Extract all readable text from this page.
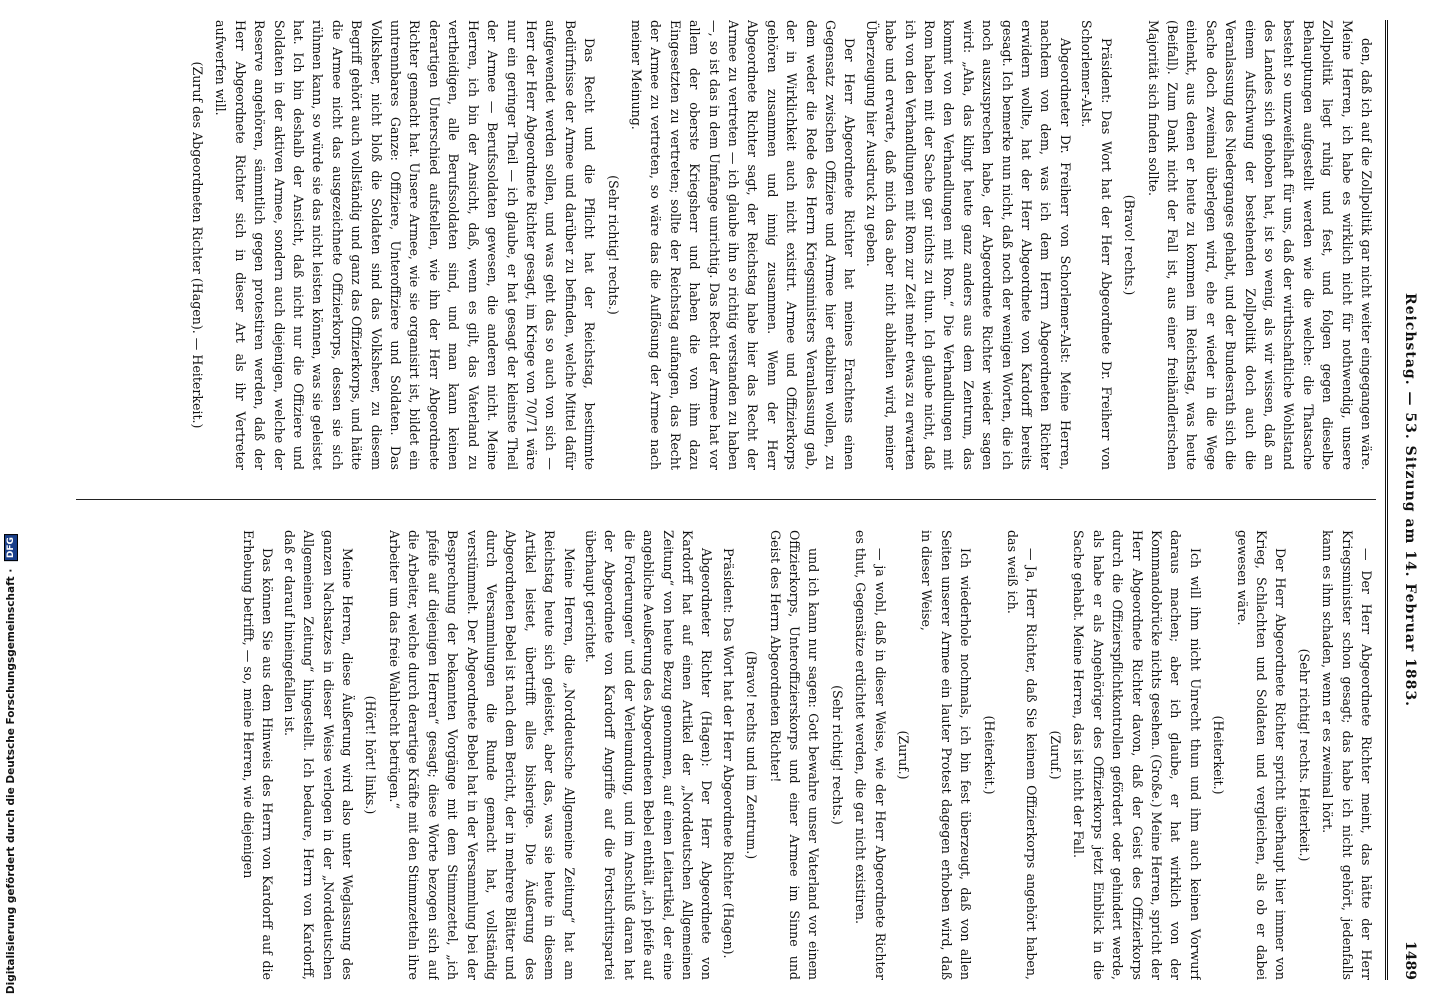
Reichstag. — 53. Sitzung am 14. Februar 1883.
1489

den, daß ich auf die Zollpolitik gar nicht weiter eingegangen wäre. Meine Herren, ich habe es wirklich nicht für nothwendig, unsere Zollpolitik liegt ruhig und fest, und folgen gegen dieselbe Behauptungen aufgestellt werden wie die welche: die Thatsache besteht so unzweifelhaft für uns, daß der wirthschaftliche Wohlstand des Landes sich gehoben hat, ist so wenig, als wir wissen, daß an einem Aufschwung der bestehenden Zollpolitik doch auch die Veranlassung des Niederganges gehabt, und der Bundesrath sich die Sache doch zweimal überlegen wird, ehe er wieder in die Wege einlenkt, aus denen er heute zu kommen im Reichstag, was heute (Beifall). Zum Dank nicht der Fall ist, aus einer freihändlerischen Majorität sich finden sollte.

(Bravo! rechts.)

Präsident: Das Wort hat der Herr Abgeordnete Dr. Freiherr von Schorlemer-Alst.

Abgeordneter Dr. Freiherr von Schorlemer-Alst: Meine Herren, nachdem von dem, was ich dem Herrn Abgeordneten Richter erwidern wollte, hat der Herr Abgeordnete von Kardorff bereits gesagt. Ich bemerke nun nicht, daß noch der wenigen Worten, die ich noch auszusprechen habe, der Abgeordnete Richter wieder sagen wird: „Aha, das klingt heute ganz anders aus dem Zentrum, das kommt von den Verhandlungen mit Rom.“ Die Verhandlungen mit Rom haben mit der Sache gar nichts zu thun. Ich glaube nicht, daß ich von den Verhandlungen mit Rom zur Zeit mehr etwas zu erwarten habe und erwarte, daß mich das aber nicht abhalten wird, meiner Überzeugung hier Ausdruck zu geben.

Der Herr Abgeordnete Richter hat meines Erachtens einen Gegensatz zwischen Offiziere und Armee hier etabliren wollen, zu dem weder die Rede des Herrn Kriegsministers Veranlassung gab, der in Wirklichkeit auch nicht existirt. Armee und Offizierkorps gehören zusammen und innig zusammen. Wenn der Herr Abgeordnete Richter sagt, der Reichstag habe hier das Recht der Armee zu vertreten — ich glaube ihn so richtig verstanden zu haben —, so ist das in dem Umfange unrichtig. Das Recht der Armee hat vor allem der oberste Kriegsherr und haben die von ihm dazu Eingesetzten zu vertreten; sollte der Reichstag aufangen, das Recht der Armee zu vertreten, so wäre das die Auflösung der Armee nach meiner Meinung.

(Sehr richtig! rechts.)

Das Recht und die Pflicht hat der Reichstag, bestimmte Bedürfnisse der Armee und darüber zu befinden, welche Mittel dafür aufgewendet werden sollen, und was geht das so auch von sich — Herr der Herr Abgeordnete Richter gesagt, im Kriege von 70/71 wäre nur ein geringer Theil — ich glaube, er hat gesagt der kleinste Theil der Armee — Berufssoldaten gewesen, die anderen nicht. Meine Herren, ich bin der Ansicht, daß, wenn es gilt, das Vaterland zu vertheidigen, alle Berufssoldaten sind, und man kann keinen derartigen Unterschied aufstellen, wie ihn der Herr Abgeordnete Richter gemacht hat. Unsere Armee, wie sie organisirt ist, bildet ein untrennbares Ganze: Offiziere, Unteroffiziere und Soldaten. Das Volksheer, nicht bloß die Soldaten sind das Volksheer, zu diesem Begriff gehört auch vollständig und ganz das Offizierkorps, und hätte die Armee nicht das ausgezeichnete Offizierkorps, dessen sie sich rühmen kann, so würde sie das nicht leisten können, was sie geleistet hat. Ich bin deshalb der Ansicht, daß nicht nur die Offiziere und Soldaten in der aktiven Armee, sondern auch diejenigen, welche der Reserve angehören, sämmtlich gegen protestiren werden, daß der Herr Abgeordnete Richter sich in dieser Art als ihr Vertreter aufwerfen will.

(Zuruf des Abgeordneten Richter (Hagen). — Heiterkeit.)

— Der Herr Abgeordnete Richter meint, das hätte der Herr Kriegsminister schon gesagt; das habe ich nicht gehört, jedenfalls kann es ihm schaden, wenn er es zweimal hört.

(Sehr richtig! rechts. Heiterkeit.)

Der Herr Abgeordnete Richter spricht überhaupt hier immer von Krieg, Schlachten und Soldaten und vergleichen, als ob er dabei gewesen wäre.

(Heiterkeit.)

Ich will ihm nicht Unrecht thun und ihm auch keinen Vorwurf daraus machen; aber ich glaube, er hat wirklich von der Kommandobrücke nichts gesehen. (Große.) Meine Herren, spricht der Herr Abgeordnete Richter davon, daß der Geist des Offizierkorps durch die Offizierspflichtkontrollen gefördert oder gehindert werde, als habe er als Angehöriger des Offizierkorps jetzt Einblick in die Sache gehabt. Meine Herren, das ist nicht der Fall.

(Zuruf.)

— Ja, Herr Richter, daß Sie keinem Offizierkorps angehört haben, das weiß ich.

(Heiterkeit.)

Ich wiederhole nochmals, ich bin fest überzeugt, daß von allen Seiten unserer Armee ein lauter Protest dagegen erhoben wird, daß in dieser Weise,

(Zuruf.)

— ja wohl, daß in dieser Weise, wie der Herr Abgeordnete Richter es thut, Gegensätze erdichtet werden, die gar nicht existiren.

(Sehr richtig! rechts.)

und ich kann nur sagen: Gott bewahre unser Vaterland vor einem Offizierkorps, Unteroffizierskorps und einer Armee im Sinne und Geist des Herrn Abgeordneten Richter!

(Bravo! rechts und im Zentrum.)

Präsident: Das Wort hat der Herr Abgeordnete Richter (Hagen).

Abgeordneter Richter (Hagen): Der Herr Abgeordnete von Kardorff hat auf einen Artikel der „Norddeutschen Allgemeinen Zeitung“ von heute Bezug genommen, auf einen Leitartikel, der eine angebliche Aeußerung des Abgeordneten Bebel enthält „ich pfeife auf die Forderungen“ und der Verleumdung, und im Anschluß daran hat der Abgeordnete von Kardorff Angriffe auf die Fortschrittspartei überhaupt gerichtet.

Meine Herren, die „Norddeutsche Allgemeine Zeitung“ hat am Reichstag heute sich geleistet, aber das, was sie heute in diesem Artikel leistet, übertrifft alles bisherige. Die Äußerung des Abgeordneten Bebel ist nach dem Bericht, der in mehrere Blätter und durch Versammlungen die Runde gemacht hat, vollständig verstümmelt. Der Abgeordnete Bebel hat in der Versammlung bei der Besprechung der bekannten Vorgänge mit dem Stimmzettel, „ich pfeife auf diejenigen Herren“ gesagt; diese Worte bezogen sich auf die Arbeiter, welche durch derartige Kräfte mit den Stimmzetteln ihre Arbeiter um das freie Wahlrecht betrügen.“

(Hört! hört! links.)

Meine Herren, diese Äußerung wird also unter Weglassung des ganzen Nachsatzes in dieser Weise verlogen in der „Norddeutschen Allgemeinen Zeitung“ hingestellt. Ich bedaure, Herrn von Kardorff, daß er darauf hineingefallen ist.

Das können Sie aus dem Hinweis des Herrn von Kardorff auf die Erhebung betrifft, — so, meine Herren, wie diejenigen

Digitalisierung gefördert durch die Deutsche Forschungsgemeinschaft · DFG
